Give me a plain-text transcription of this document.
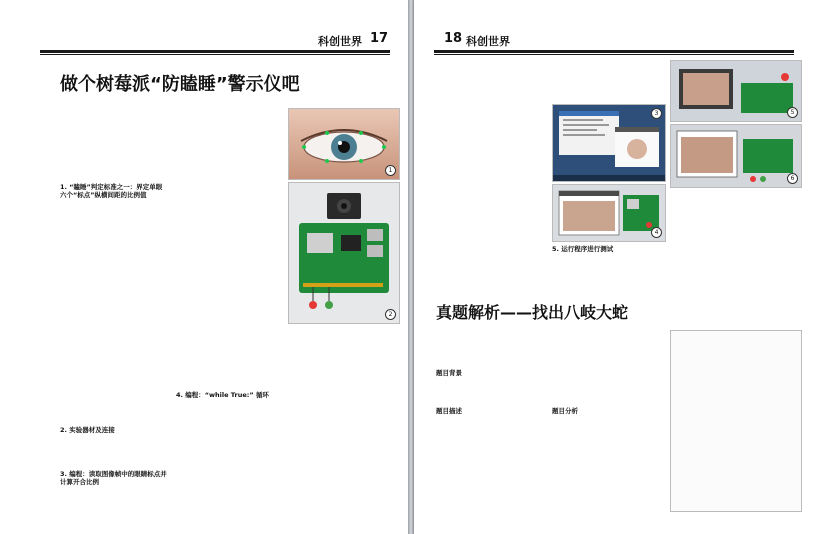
科创世界 17
做个树莓派“防瞌睡”警示仪吧
1. “瞌睡”判定标准之一：界定单眼六个“标点”纵横间距的比例值
2. 实验器材及连接
3. 编程：读取图像帧中的眼睛标点并计算开合比例
4. 编程：“while True:” 循环
1
2
18 科创世界
3
4
5. 运行程序进行测试
5
6
真题解析——找出八岐大蛇
题目背景
题目描述	题目分析
